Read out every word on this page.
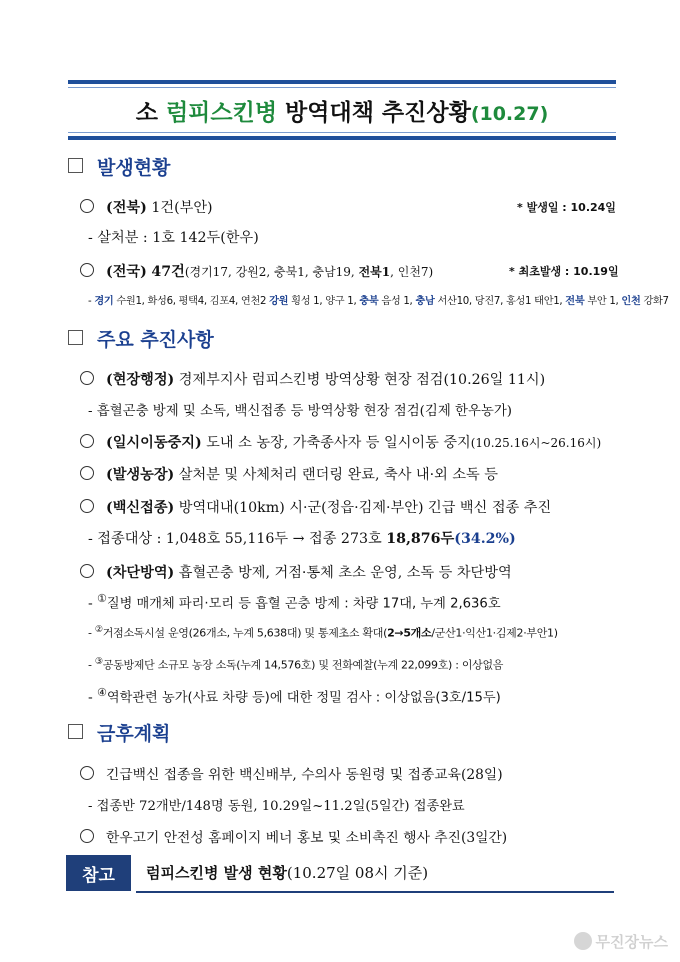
소 럼피스킨병 방역대책 추진상황(10.27)
발생현황
(전북) 1건(부안)	* 발생일 : 10.24일
- 살처분 : 1호 142두(한우)
(전국) 47건(경기17, 강원2, 충북1, 충남19, 전북1, 인천7)	* 최초발생 : 10.19일
- 경기 수원1, 화성6, 평택4, 김포4, 연천2 강원 횡성 1, 양구 1, 충북 음성 1, 충남 서산10, 당진7, 홍성1 태안1, 전북 부안 1, 인천 강화7
주요 추진사항
(현장행정) 경제부지사 럼피스킨병 방역상황 현장 점검(10.26일 11시)
- 흡혈곤충 방제 및 소독, 백신접종 등 방역상황 현장 점검(김제 한우농가)
(일시이동중지) 도내 소 농장, 가축종사자 등 일시이동 중지(10.25.16시~26.16시)
(발생농장) 살처분 및 사체처리 랜더링 완료, 축사 내·외 소독 등
(백신접종) 방역대내(10km) 시·군(정읍·김제·부안) 긴급 백신 접종 추진
- 접종대상 : 1,048호 55,116두 → 접종 273호 18,876두(34.2%)
(차단방역) 흡혈곤충 방제, 거점·통체 초소 운영, 소독 등 차단방역
- ①질병 매개체 파리·모리 등 흡혈 곤충 방제 : 차량 17대, 누계 2,636호
- ②거점소독시설 운영(26개소, 누계 5,638대) 및 통제초소 확대(2→5개소/군산1·익산1·김제2·부안1)
- ③공동방제단 소규모 농장 소독(누계 14,576호) 및 전화예찰(누계 22,099호) : 이상없음
- ④역학관련 농가(사료 차량 등)에 대한 정밀 검사 : 이상없음(3호/15두)
금후계획
긴급백신 접종을 위한 백신배부, 수의사 동원령 및 접종교육(28일)
- 접종반 72개반/148명 동원, 10.29일~11.2일(5일간) 접종완료
한우고기 안전성 홈페이지 베너 홍보 및 소비촉진 행사 추진(3일간)
참고	럼피스킨병 발생 현황(10.27일 08시 기준)
무진장뉴스
